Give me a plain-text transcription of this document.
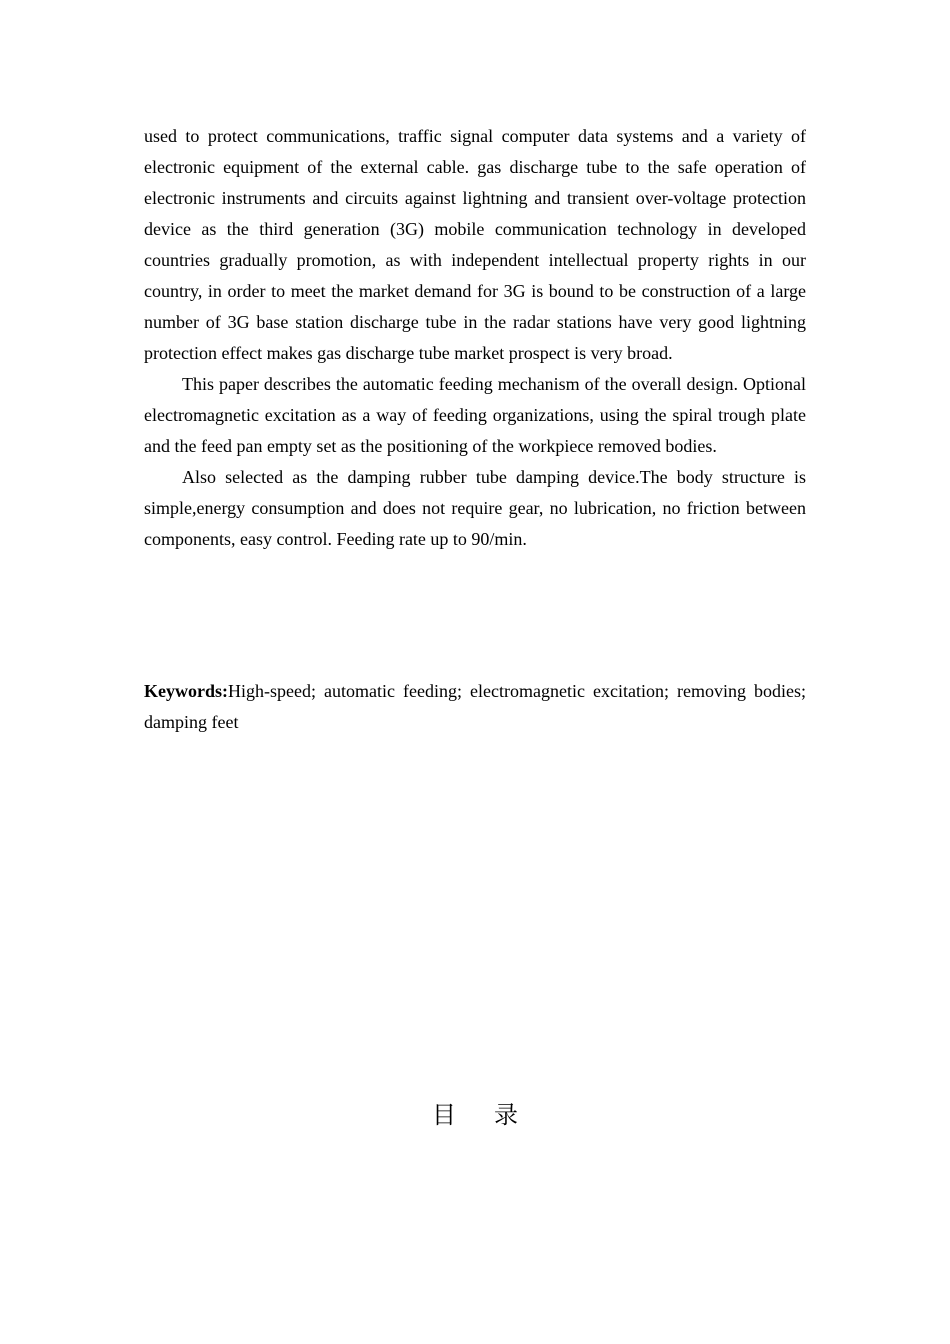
used to protect communications, traffic signal computer data systems and a variety of electronic equipment of the external cable. gas discharge tube to the safe operation of electronic instruments and circuits against lightning and transient over-voltage protection device as the third generation (3G) mobile communication technology in developed countries gradually promotion, as with independent intellectual property rights in our country, in order to meet the market demand for 3G is bound to be construction of a large number of 3G base station discharge tube in the radar stations have very good lightning protection effect makes gas discharge tube market prospect is very broad.

This paper describes the automatic feeding mechanism of the overall design. Optional electromagnetic excitation as a way of feeding organizations, using the spiral trough plate and the feed pan empty set as the positioning of the workpiece removed bodies.

Also selected as the damping rubber tube damping device.The body structure is simple,energy consumption and does not require gear, no lubrication, no friction between components, easy control. Feeding rate up to 90/min.

Keywords:High-speed; automatic feeding; electromagnetic excitation; removing bodies; damping feet

目录
